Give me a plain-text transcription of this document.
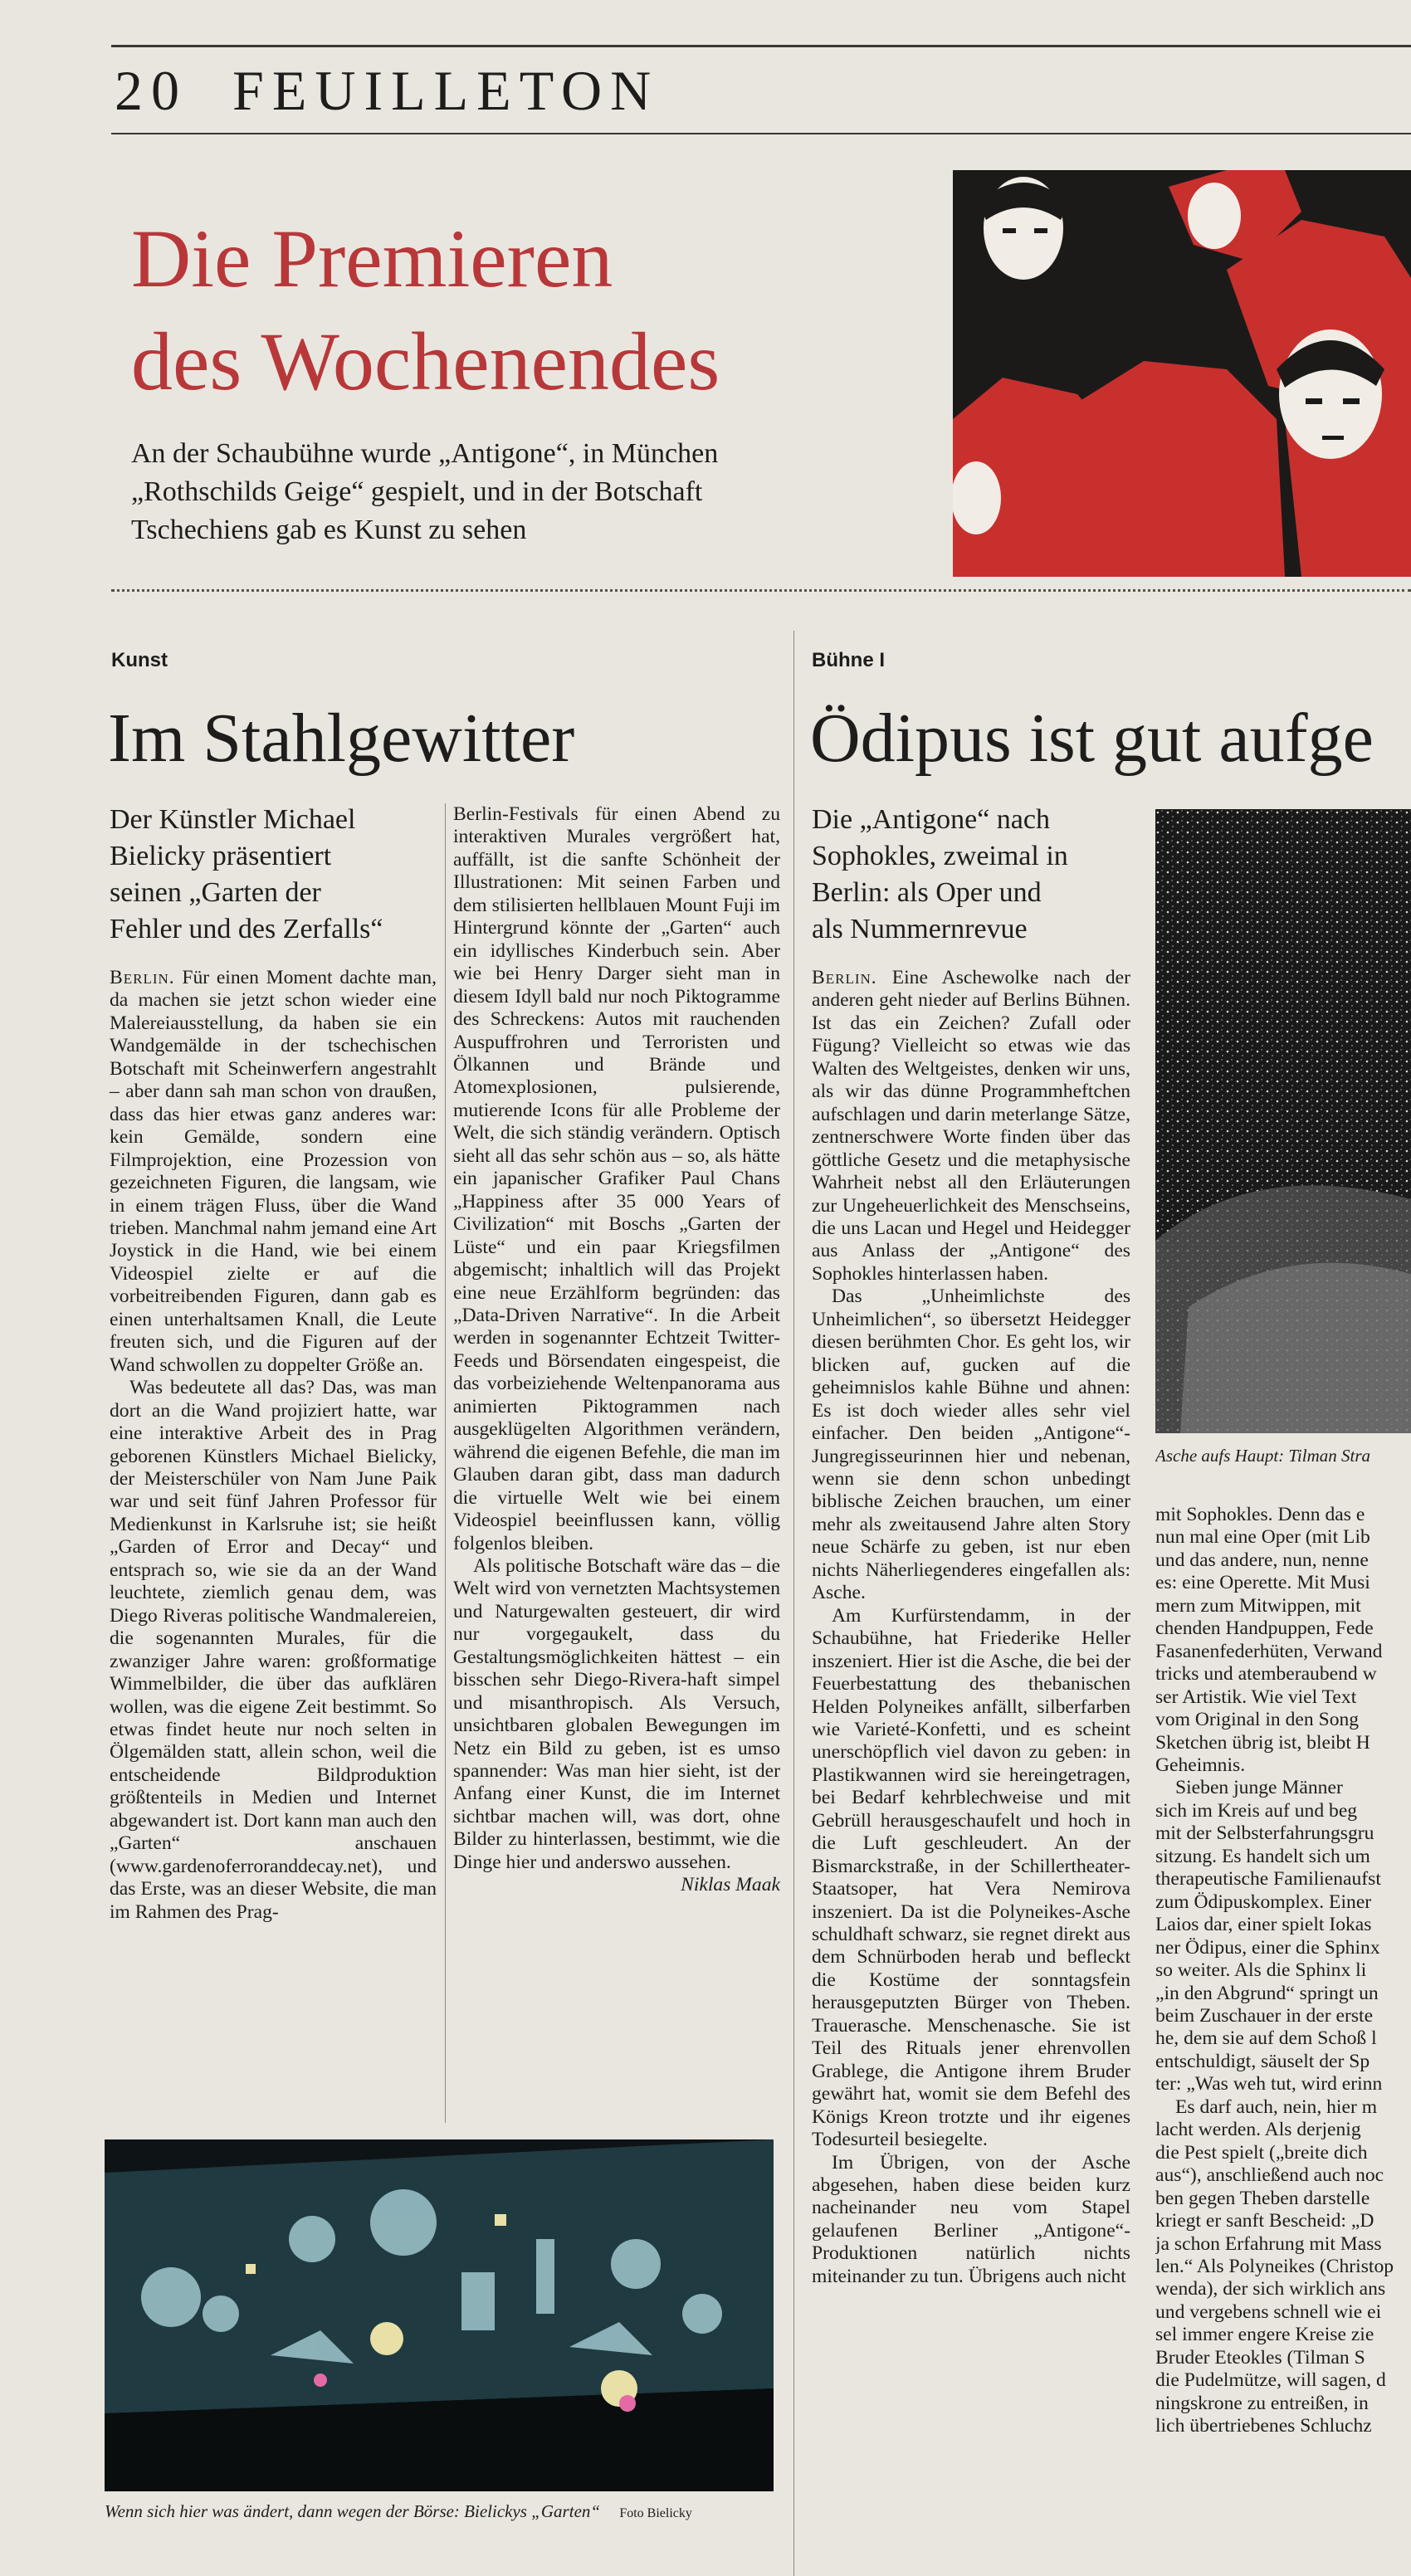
20 FEUILLETON
Die Premieren
des Wochenendes
An der Schaubühne wurde „Antigone“, in München
„Rothschilds Geige“ gespielt, und in der Botschaft
Tschechiens gab es Kunst zu sehen
Kunst
Im Stahlgewitter
Der Künstler Michael
Bielicky präsentiert
seinen „Garten der
Fehler und des Zerfalls“

Berlin. Für einen Moment dachte man, da machen sie jetzt schon wieder eine Malereiausstellung, da haben sie ein Wandgemälde in der tschechischen Botschaft mit Scheinwerfern angestrahlt – aber dann sah man schon von draußen, dass das hier etwas ganz anderes war: kein Gemälde, sondern eine Filmprojektion, eine Prozession von gezeichneten Figuren, die langsam, wie in einem trägen Fluss, über die Wand trieben. Manchmal nahm jemand eine Art Joystick in die Hand, wie bei einem Videospiel zielte er auf die vorbeitreibenden Figuren, dann gab es einen unterhaltsamen Knall, die Leute freuten sich, und die Figuren auf der Wand schwollen zu doppelter Größe an.

Was bedeutete all das? Das, was man dort an die Wand projiziert hatte, war eine interaktive Arbeit des in Prag geborenen Künstlers Michael Bielicky, der Meisterschüler von Nam June Paik war und seit fünf Jahren Professor für Medienkunst in Karlsruhe ist; sie heißt „Garden of Error and Decay“ und entsprach so, wie sie da an der Wand leuchtete, ziemlich genau dem, was Diego Riveras politische Wandmalereien, die sogenannten Murales, für die zwanziger Jahre waren: großformatige Wimmelbilder, die über das aufklären wollen, was die eigene Zeit bestimmt. So etwas findet heute nur noch selten in Ölgemälden statt, allein schon, weil die entscheidende Bildproduktion größtenteils in Medien und Internet abgewandert ist. Dort kann man auch den „Garten“ anschauen (www.gardenoferroranddecay.net), und das Erste, was an dieser Website, die man im Rahmen des Prag-

Berlin-Festivals für einen Abend zu interaktiven Murales vergrößert hat, auffällt, ist die sanfte Schönheit der Illustrationen: Mit seinen Farben und dem stilisierten hellblauen Mount Fuji im Hintergrund könnte der „Garten“ auch ein idyllisches Kinderbuch sein. Aber wie bei Henry Darger sieht man in diesem Idyll bald nur noch Piktogramme des Schreckens: Autos mit rauchenden Auspuffrohren und Terroristen und Ölkannen und Brände und Atomexplosionen, pulsierende, mutierende Icons für alle Probleme der Welt, die sich ständig verändern. Optisch sieht all das sehr schön aus – so, als hätte ein japanischer Grafiker Paul Chans „Happiness after 35 000 Years of Civilization“ mit Boschs „Garten der Lüste“ und ein paar Kriegsfilmen abgemischt; inhaltlich will das Projekt eine neue Erzählform begründen: das „Data-Driven Narrative“. In die Arbeit werden in sogenannter Echtzeit Twitter-Feeds und Börsendaten eingespeist, die das vorbeiziehende Weltenpanorama aus animierten Piktogrammen nach ausgeklügelten Algorithmen verändern, während die eigenen Befehle, die man im Glauben daran gibt, dass man dadurch die virtuelle Welt wie bei einem Videospiel beeinflussen kann, völlig folgenlos bleiben.

Als politische Botschaft wäre das – die Welt wird von vernetzten Machtsystemen und Naturgewalten gesteuert, dir wird nur vorgegaukelt, dass du Gestaltungsmöglichkeiten hättest – ein bisschen sehr Diego-Rivera-haft simpel und misanthropisch. Als Versuch, unsichtbaren globalen Bewegungen im Netz ein Bild zu geben, ist es umso spannender: Was man hier sieht, ist der Anfang einer Kunst, die im Internet sichtbar machen will, was dort, ohne Bilder zu hinterlassen, bestimmt, wie die Dinge hier und anderswo aussehen.

Niklas Maak
Wenn sich hier was ändert, dann wegen der Börse: Bielickys „Garten“ Foto Bielicky
Bühne I
Ödipus ist gut aufge
Die „Antigone“ nach
Sophokles, zweimal in
Berlin: als Oper und
als Nummernrevue

Berlin. Eine Aschewolke nach der anderen geht nieder auf Berlins Bühnen. Ist das ein Zeichen? Zufall oder Fügung? Vielleicht so etwas wie das Walten des Weltgeistes, denken wir uns, als wir das dünne Programmheftchen aufschlagen und darin meterlange Sätze, zentnerschwere Worte finden über das göttliche Gesetz und die metaphysische Wahrheit nebst all den Erläuterungen zur Ungeheuerlichkeit des Menschseins, die uns Lacan und Hegel und Heidegger aus Anlass der „Antigone“ des Sophokles hinterlassen haben.

Das „Unheimlichste des Unheimlichen“, so übersetzt Heidegger diesen berühmten Chor. Es geht los, wir blicken auf, gucken auf die geheimnislos kahle Bühne und ahnen: Es ist doch wieder alles sehr viel einfacher. Den beiden „Antigone“-Jungregisseurinnen hier und nebenan, wenn sie denn schon unbedingt biblische Zeichen brauchen, um einer mehr als zweitausend Jahre alten Story neue Schärfe zu geben, ist nur eben nichts Näherliegenderes eingefallen als: Asche.

Am Kurfürstendamm, in der Schaubühne, hat Friederike Heller inszeniert. Hier ist die Asche, die bei der Feuerbestattung des thebanischen Helden Polyneikes anfällt, silberfarben wie Varieté-Konfetti, und es scheint unerschöpflich viel davon zu geben: in Plastikwannen wird sie hereingetragen, bei Bedarf kehrblechweise und mit Gebrüll herausgeschaufelt und hoch in die Luft geschleudert. An der Bismarckstraße, in der Schillertheater-Staatsoper, hat Vera Nemirova inszeniert. Da ist die Polyneikes-Asche schuldhaft schwarz, sie regnet direkt aus dem Schnürboden herab und befleckt die Kostüme der sonntagsfein herausgeputzten Bürger von Theben. Trauerasche. Menschenasche. Sie ist Teil des Rituals jener ehrenvollen Grablege, die Antigone ihrem Bruder gewährt hat, womit sie dem Befehl des Königs Kreon trotzte und ihr eigenes Todesurteil besiegelte.

Im Übrigen, von der Asche abgesehen, haben diese beiden kurz nacheinander neu vom Stapel gelaufenen Berliner „Antigone“-Produktionen natürlich nichts miteinander zu tun. Übrigens auch nicht

Asche aufs Haupt: Tilman Stra
mit Sophokles. Denn das e
nun mal eine Oper (mit Lib
und das andere, nun, nenne
es: eine Operette. Mit Musi
mern zum Mitwippen, mit
chenden Handpuppen, Fede
Fasanenfederhüten, Verwand
tricks und atemberaubend w
ser Artistik. Wie viel Text
vom Original in den Song
Sketchen übrig ist, bleibt H
Geheimnis.
Sieben junge Männer
sich im Kreis auf und beg
mit der Selbsterfahrungsgru
sitzung. Es handelt sich um
therapeutische Familienaufst
zum Ödipuskomplex. Einer
Laios dar, einer spielt Iokas
ner Ödipus, einer die Sphinx
so weiter. Als die Sphinx li
„in den Abgrund“ springt un
beim Zuschauer in der erste
he, dem sie auf dem Schoß l
entschuldigt, säuselt der Sp
ter: „Was weh tut, wird erinn
Es darf auch, nein, hier m
lacht werden. Als derjenig
die Pest spielt („breite dich
aus“), anschließend auch noc
ben gegen Theben darstelle
kriegt er sanft Bescheid: „D
ja schon Erfahrung mit Mass
len.“ Als Polyneikes (Christop
wenda), der sich wirklich ans
und vergebens schnell wie ei
sel immer engere Kreise zie
Bruder Eteokles (Tilman S
die Pudelmütze, will sagen, d
ningskrone zu entreißen, in
lich übertriebenes Schluchz
